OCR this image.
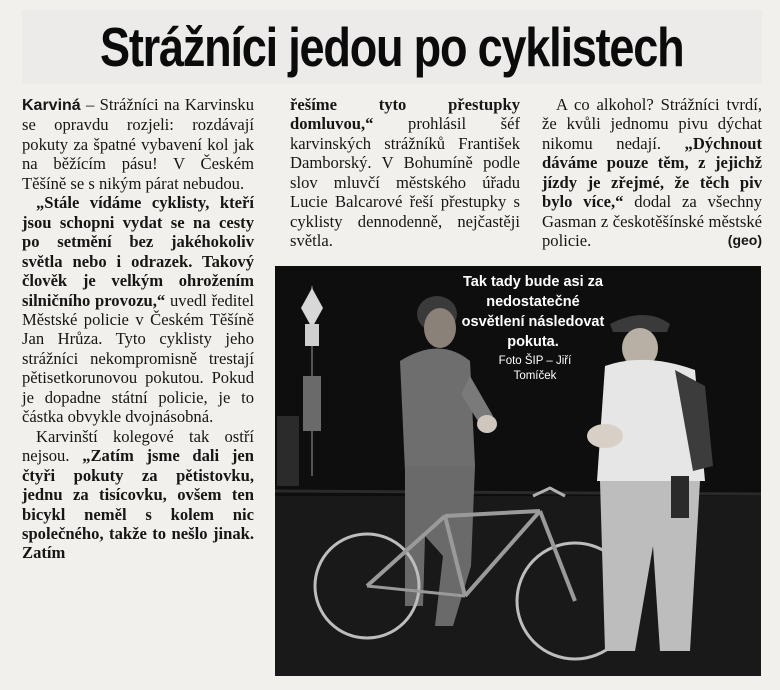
Strážníci jedou po cyklistech

Karviná – Strážníci na Karvinsku se opravdu rozjeli: rozdávají pokuty za špatné vybavení kol jak na běžícím pásu! V Českém Těšíně se s nikým párat nebudou.

„Stále vídáme cyklisty, kteří jsou schopni vydat se na cesty po setmění bez jakéhokoliv světla nebo i odrazek. Takový člověk je velkým ohrožením silničního provozu,“ uvedl ředitel Městské policie v Českém Těšíně Jan Hrůza. Tyto cyklisty jeho strážníci nekompromisně trestají pětisetkorunovou pokutou. Pokud je dopadne státní policie, je to částka obvykle dvojnásobná.

Karvinští kolegové tak ostří nejsou. „Zatím jsme dali jen čtyři pokuty za pětistovku, jednu za tisícovku, ovšem ten bicykl neměl s kolem nic společného, takže to nešlo jinak. Zatím

řešíme tyto přestupky domluvou,“ prohlásil šéf karvinských strážníků František Damborský. V Bohumíně podle slov mluvčí městského úřadu Lucie Balcarové řeší přestupky s cyklisty dennodenně, nejčastěji světla.

A co alkohol? Strážníci tvrdí, že kvůli jednomu pivu dýchat nikomu nedají. „Dýchnout dáváme pouze těm, z jejichž jízdy je zřejmé, že těch piv bylo více,“ dodal za všechny Gasman z českotěšínské městské policie.	(geo)

Tak tady bude asi za nedostatečné osvětlení následovat pokuta.
Foto ŠIP – Jiří Tomíček
